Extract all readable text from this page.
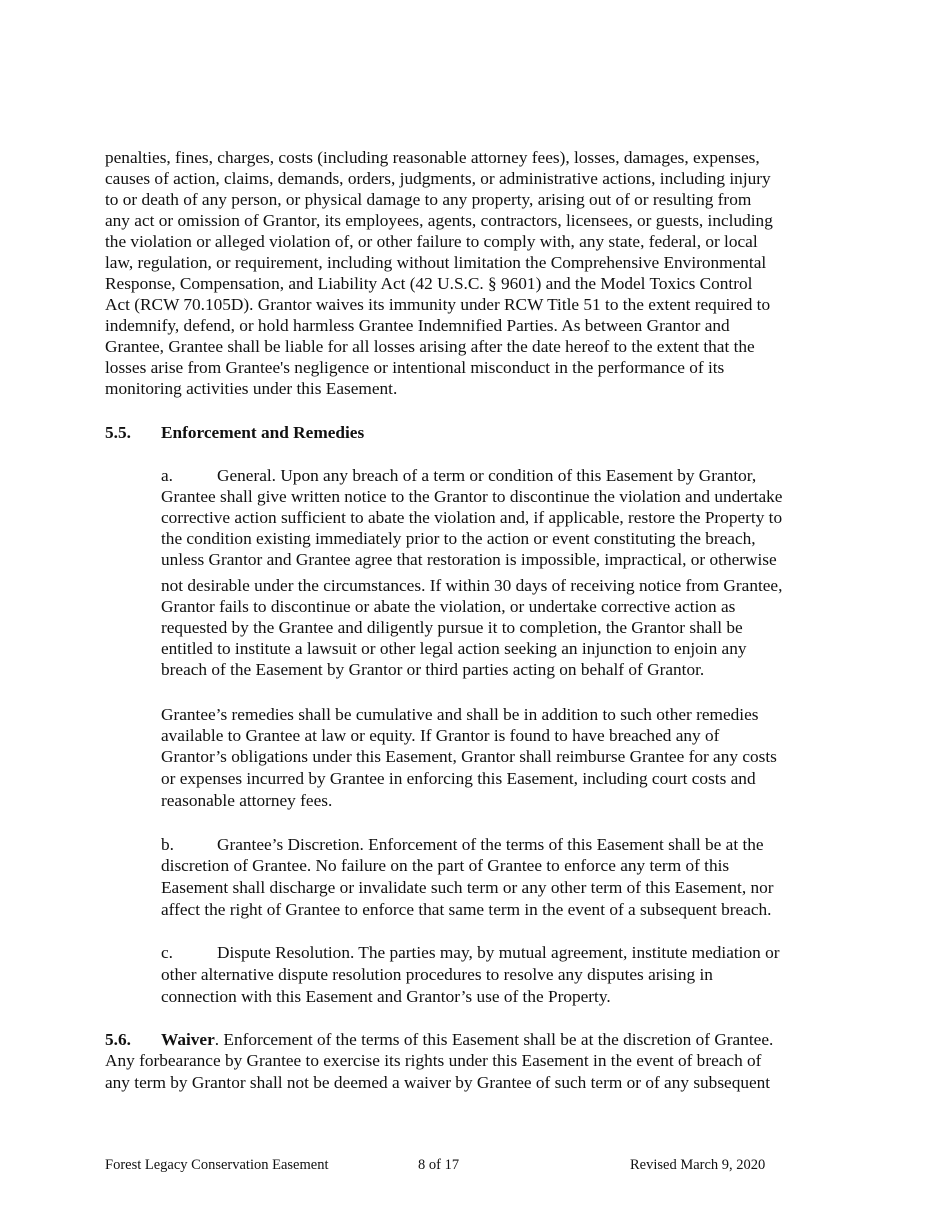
penalties, fines, charges, costs (including reasonable attorney fees), losses, damages, expenses,
causes of action, claims, demands, orders, judgments, or administrative actions, including injury
to or death of any person, or physical damage to any property, arising out of or resulting from
any act or omission of Grantor, its employees, agents, contractors, licensees, or guests, including
the violation or alleged violation of, or other failure to comply with, any state, federal, or local
law, regulation, or requirement, including without limitation the Comprehensive Environmental
Response, Compensation, and Liability Act (42 U.S.C. § 9601) and the Model Toxics Control
Act (RCW 70.105D). Grantor waives its immunity under RCW Title 51 to the extent required to
indemnify, defend, or hold harmless Grantee Indemnified Parties. As between Grantor and
Grantee, Grantee shall be liable for all losses arising after the date hereof to the extent that the
losses arise from Grantee's negligence or intentional misconduct in the performance of its
monitoring activities under this Easement.
5.5. Enforcement and Remedies
a.	General. Upon any breach of a term or condition of this Easement by Grantor,
Grantee shall give written notice to the Grantor to discontinue the violation and undertake
corrective action sufficient to abate the violation and, if applicable, restore the Property to
the condition existing immediately prior to the action or event constituting the breach,
unless Grantor and Grantee agree that restoration is impossible, impractical, or otherwise
not desirable under the circumstances. If within 30 days of receiving notice from Grantee,
Grantor fails to discontinue or abate the violation, or undertake corrective action as
requested by the Grantee and diligently pursue it to completion, the Grantor shall be
entitled to institute a lawsuit or other legal action seeking an injunction to enjoin any
breach of the Easement by Grantor or third parties acting on behalf of Grantor.
Grantee’s remedies shall be cumulative and shall be in addition to such other remedies
available to Grantee at law or equity. If Grantor is found to have breached any of
Grantor’s obligations under this Easement, Grantor shall reimburse Grantee for any costs
or expenses incurred by Grantee in enforcing this Easement, including court costs and
reasonable attorney fees.
b. Grantee’s Discretion. Enforcement of the terms of this Easement shall be at the
discretion of Grantee. No failure on the part of Grantee to enforce any term of this
Easement shall discharge or invalidate such term or any other term of this Easement, nor
affect the right of Grantee to enforce that same term in the event of a subsequent breach.
c.	Dispute Resolution. The parties may, by mutual agreement, institute mediation or
other alternative dispute resolution procedures to resolve any disputes arising in
connection with this Easement and Grantor’s use of the Property.
5.6. Waiver. Enforcement of the terms of this Easement shall be at the discretion of Grantee.
Any forbearance by Grantee to exercise its rights under this Easement in the event of breach of
any term by Grantor shall not be deemed a waiver by Grantee of such term or of any subsequent
Forest Legacy Conservation Easement	8 of 17	Revised March 9, 2020
